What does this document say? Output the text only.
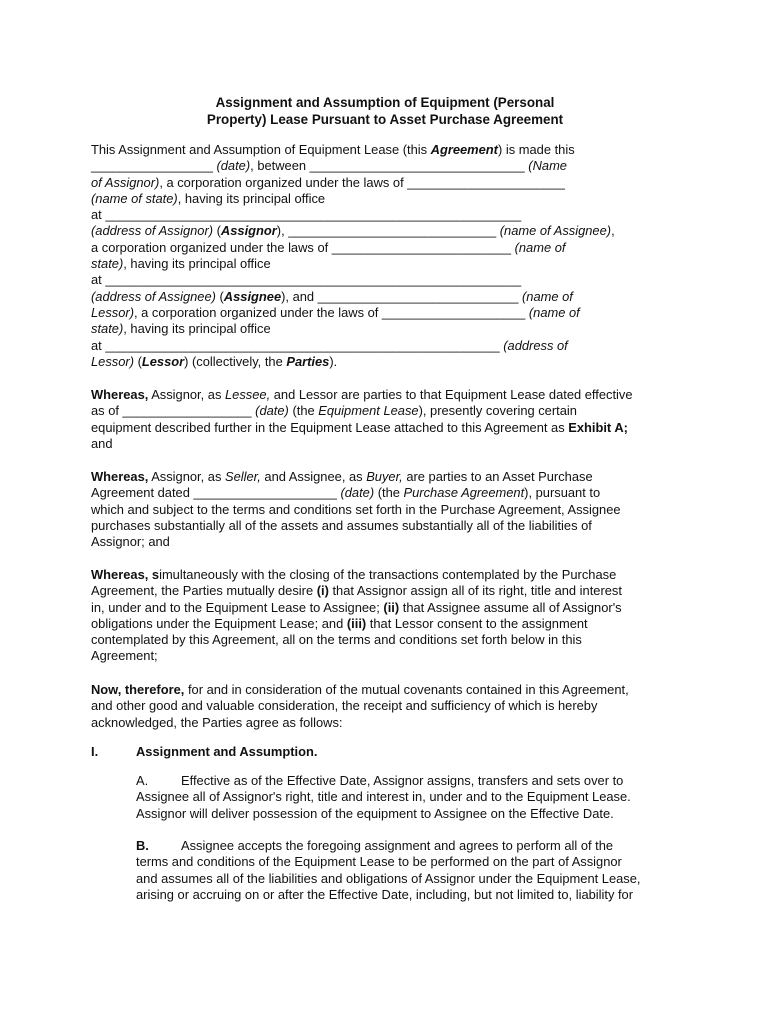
Assignment and Assumption of Equipment (Personal
Property) Lease Pursuant to Asset Purchase Agreement
This Assignment and Assumption of Equipment Lease (this Agreement) is made this
_________________ (date), between ______________________________ (Name
of Assignor), a corporation organized under the laws of ______________________
(name of state), having its principal office
at __________________________________________________________
(address of Assignor) (Assignor), _____________________________ (name of Assignee),
a corporation organized under the laws of _________________________ (name of
state), having its principal office
at __________________________________________________________
(address of Assignee) (Assignee), and ____________________________ (name of
Lessor), a corporation organized under the laws of ____________________ (name of
state), having its principal office
at _______________________________________________________ (address of
Lessor) (Lessor) (collectively, the Parties).
Whereas, Assignor, as Lessee, and Lessor are parties to that Equipment Lease dated effective
as of __________________ (date) (the Equipment Lease), presently covering certain
equipment described further in the Equipment Lease attached to this Agreement as Exhibit A;
and
Whereas, Assignor, as Seller, and Assignee, as Buyer, are parties to an Asset Purchase
Agreement dated ____________________ (date) (the Purchase Agreement), pursuant to
which and subject to the terms and conditions set forth in the Purchase Agreement, Assignee
purchases substantially all of the assets and assumes substantially all of the liabilities of
Assignor; and
Whereas, simultaneously with the closing of the transactions contemplated by the Purchase
Agreement, the Parties mutually desire (i) that Assignor assign all of its right, title and interest
in, under and to the Equipment Lease to Assignee; (ii) that Assignee assume all of Assignor's
obligations under the Equipment Lease; and (iii) that Lessor consent to the assignment
contemplated by this Agreement, all on the terms and conditions set forth below in this
Agreement;
Now, therefore, for and in consideration of the mutual covenants contained in this Agreement,
and other good and valuable consideration, the receipt and sufficiency of which is hereby
acknowledged, the Parties agree as follows:
I.	Assignment and Assumption.
A.	Effective as of the Effective Date, Assignor assigns, transfers and sets over to
Assignee all of Assignor's right, title and interest in, under and to the Equipment Lease.
Assignor will deliver possession of the equipment to Assignee on the Effective Date.
B. Assignee accepts the foregoing assignment and agrees to perform all of the
terms and conditions of the Equipment Lease to be performed on the part of Assignor
and assumes all of the liabilities and obligations of Assignor under the Equipment Lease,
arising or accruing on or after the Effective Date, including, but not limited to, liability for
